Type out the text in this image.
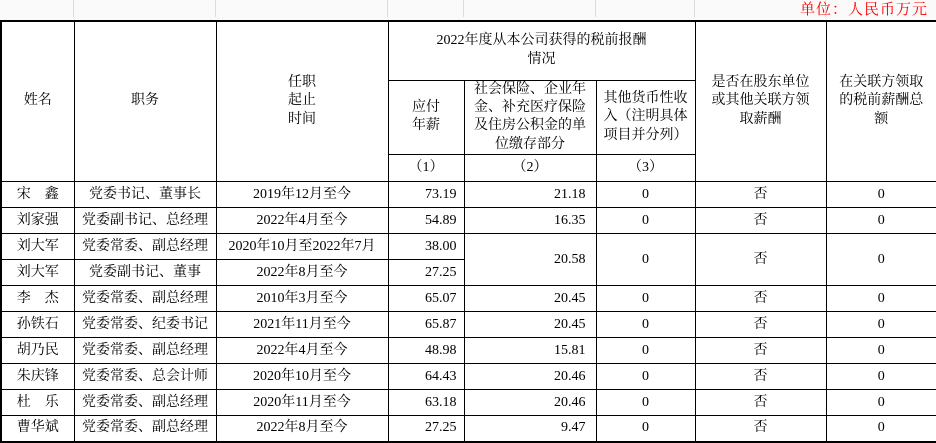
单位：人民币万元
姓名	职务	任职起止时间	2022年度从本公司获得的税前报酬情况			是否在股东单位或其他关联方领取薪酬	在关联方领取的税前薪酬总额
			应付年薪	社会保险、企业年金、补充医疗保险及住房公积金的单位缴存部分	其他货币性收入（注明具体项目并分列）		
			（1）	（2）	（3）		
宋　鑫	党委书记、董事长	2019年12月至今	73.19	21.18	0	否	0
刘家强	党委副书记、总经理	2022年4月至今	54.89	16.35	0	否	0
刘大军	党委常委、副总经理	2020年10月至2022年7月	38.00	20.58	0	否	0
刘大军	党委副书记、董事	2022年8月至今	27.25				
李　杰	党委常委、副总经理	2010年3月至今	65.07	20.45	0	否	0
孙铁石	党委常委、纪委书记	2021年11月至今	65.87	20.45	0	否	0
胡乃民	党委常委、副总经理	2022年4月至今	48.98	15.81	0	否	0
朱庆锋	党委常委、总会计师	2020年10月至今	64.43	20.46	0	否	0
杜　乐	党委常委、副总经理	2020年11月至今	63.18	20.46	0	否	0
曹华斌	党委常委、副总经理	2022年8月至今	27.25	9.47	0	否	0
